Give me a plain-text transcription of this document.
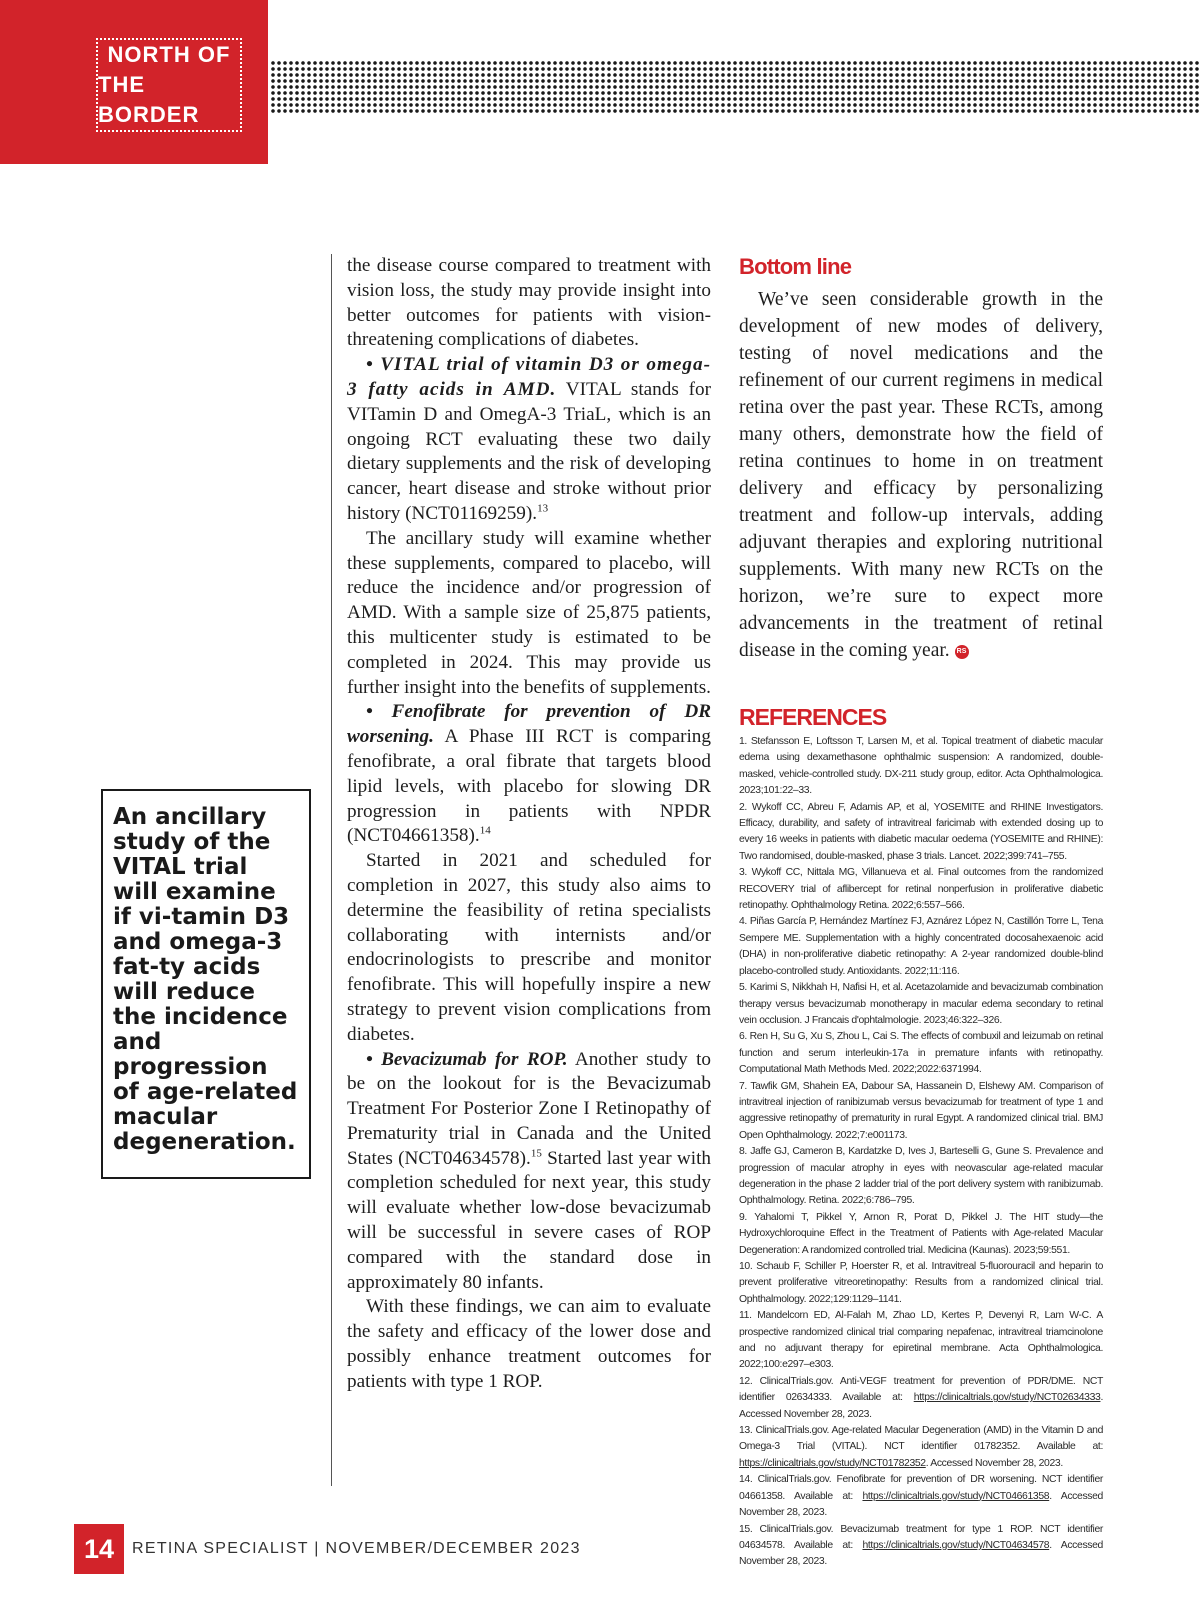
NORTH OF
THE BORDER
An ancillary study of the VITAL trial will examine if vi-tamin D3 and omega-3 fat-ty acids will reduce the incidence and progression of age-related macular degeneration.

the disease course compared to treatment with vision loss, the study may provide insight into better outcomes for patients with vision-threatening complications of diabetes.

• VITAL trial of vitamin D3 or omega-3 fatty acids in AMD. VITAL stands for VITamin D and OmegA-3 TriaL, which is an ongoing RCT evaluating these two daily dietary supplements and the risk of developing cancer, heart disease and stroke without prior history (NCT01169259).$^{13}$

The ancillary study will examine whether these supplements, compared to placebo, will reduce the incidence and/or progression of AMD. With a sample size of 25,875 patients, this multicenter study is estimated to be completed in 2024. This may provide us further insight into the benefits of supplements.

• Fenofibrate for prevention of DR worsening. A Phase III RCT is comparing fenofibrate, a oral fibrate that targets blood lipid levels, with placebo for slowing DR progression in patients with NPDR (NCT04661358).$^{14}$

Started in 2021 and scheduled for completion in 2027, this study also aims to determine the feasibility of retina specialists collaborating with internists and/or endocrinologists to prescribe and monitor fenofibrate. This will hopefully inspire a new strategy to prevent vision complications from diabetes.

• Bevacizumab for ROP. Another study to be on the lookout for is the Bevacizumab Treatment For Posterior Zone I Retinopathy of Prematurity trial in Canada and the United States (NCT04634578).$^{15}$ Started last year with completion scheduled for next year, this study will evaluate whether low-dose bevacizumab will be successful in severe cases of ROP compared with the standard dose in approximately 80 infants.

With these findings, we can aim to evaluate the safety and efficacy of the lower dose and possibly enhance treatment outcomes for patients with type 1 ROP.

Bottom line

We’ve seen considerable growth in the development of new modes of delivery, testing of novel medications and the refinement of our current regimens in medical retina over the past year. These RCTs, among many others, demonstrate how the field of retina continues to home in on treatment delivery and efficacy by personalizing treatment and follow-up intervals, adding adjuvant therapies and exploring nutritional supplements. With many new RCTs on the horizon, we’re sure to expect more advancements in the treatment of retinal disease in the coming year. RS

REFERENCES
1. Stefansson E, Loftsson T, Larsen M, et al. Topical treatment of diabetic macular edema using dexamethasone ophthalmic suspension: A randomized, double-masked, vehicle-controlled study. DX-211 study group, editor. Acta Ophthalmologica. 2023;101:22–33.
2. Wykoff CC, Abreu F, Adamis AP, et al, YOSEMITE and RHINE Investigators. Efficacy, durability, and safety of intravitreal faricimab with extended dosing up to every 16 weeks in patients with diabetic macular oedema (YOSEMITE and RHINE): Two randomised, double-masked, phase 3 trials. Lancet. 2022;399:741–755.
3. Wykoff CC, Nittala MG, Villanueva et al. Final outcomes from the randomized RECOVERY trial of aflibercept for retinal nonperfusion in proliferative diabetic retinopathy. Ophthalmology Retina. 2022;6:557–566.
4. Piñas García P, Hernández Martínez FJ, Aznárez López N, Castillón Torre L, Tena Sempere ME. Supplementation with a highly concentrated docosahexaenoic acid (DHA) in non-proliferative diabetic retinopathy: A 2-year randomized double-blind placebo-controlled study. Antioxidants. 2022;11:116.
5. Karimi S, Nikkhah H, Nafisi H, et al. Acetazolamide and bevacizumab combination therapy versus bevacizumab monotherapy in macular edema secondary to retinal vein occlusion. J Francais d'ophtalmologie. 2023;46:322–326.
6. Ren H, Su G, Xu S, Zhou L, Cai S. The effects of combuxil and leizumab on retinal function and serum interleukin-17a in premature infants with retinopathy. Computational Math Methods Med. 2022;2022:6371994.
7. Tawfik GM, Shahein EA, Dabour SA, Hassanein D, Elshewy AM. Comparison of intravitreal injection of ranibizumab versus bevacizumab for treatment of type 1 and aggressive retinopathy of prematurity in rural Egypt. A randomized clinical trial. BMJ Open Ophthalmology. 2022;7:e001173.
8. Jaffe GJ, Cameron B, Kardatzke D, Ives J, Barteselli G, Gune S. Prevalence and progression of macular atrophy in eyes with neovascular age-related macular degeneration in the phase 2 ladder trial of the port delivery system with ranibizumab. Ophthalmology. Retina. 2022;6:786–795.
9. Yahalomi T, Pikkel Y, Arnon R, Porat D, Pikkel J. The HIT study—the Hydroxychloroquine Effect in the Treatment of Patients with Age-related Macular Degeneration: A randomized controlled trial. Medicina (Kaunas). 2023;59:551.
10. Schaub F, Schiller P, Hoerster R, et al. Intravitreal 5-fluorouracil and heparin to prevent proliferative vitreoretinopathy: Results from a randomized clinical trial. Ophthalmology. 2022;129:1129–1141.
11. Mandelcorn ED, Al-Falah M, Zhao LD, Kertes P, Devenyi R, Lam W-C. A prospective randomized clinical trial comparing nepafenac, intravitreal triamcinolone and no adjuvant therapy for epiretinal membrane. Acta Ophthalmologica. 2022;100:e297–e303.
12. ClinicalTrials.gov. Anti-VEGF treatment for prevention of PDR/DME. NCT identifier 02634333. Available at: https://clinicaltrials.gov/study/NCT02634333. Accessed November 28, 2023.
13. ClinicalTrials.gov. Age-related Macular Degeneration (AMD) in the Vitamin D and Omega-3 Trial (VITAL). NCT identifier 01782352. Available at: https://clinicaltrials.gov/study/NCT01782352. Accessed November 28, 2023.
14. ClinicalTrials.gov. Fenofibrate for prevention of DR worsening. NCT identifier 04661358. Available at: https://clinicaltrials.gov/study/NCT04661358. Accessed November 28, 2023.
15. ClinicalTrials.gov. Bevacizumab treatment for type 1 ROP. NCT identifier 04634578. Available at: https://clinicaltrials.gov/study/NCT04634578. Accessed November 28, 2023.
14	RETINA SPECIALIST | NOVEMBER/DECEMBER 2023
